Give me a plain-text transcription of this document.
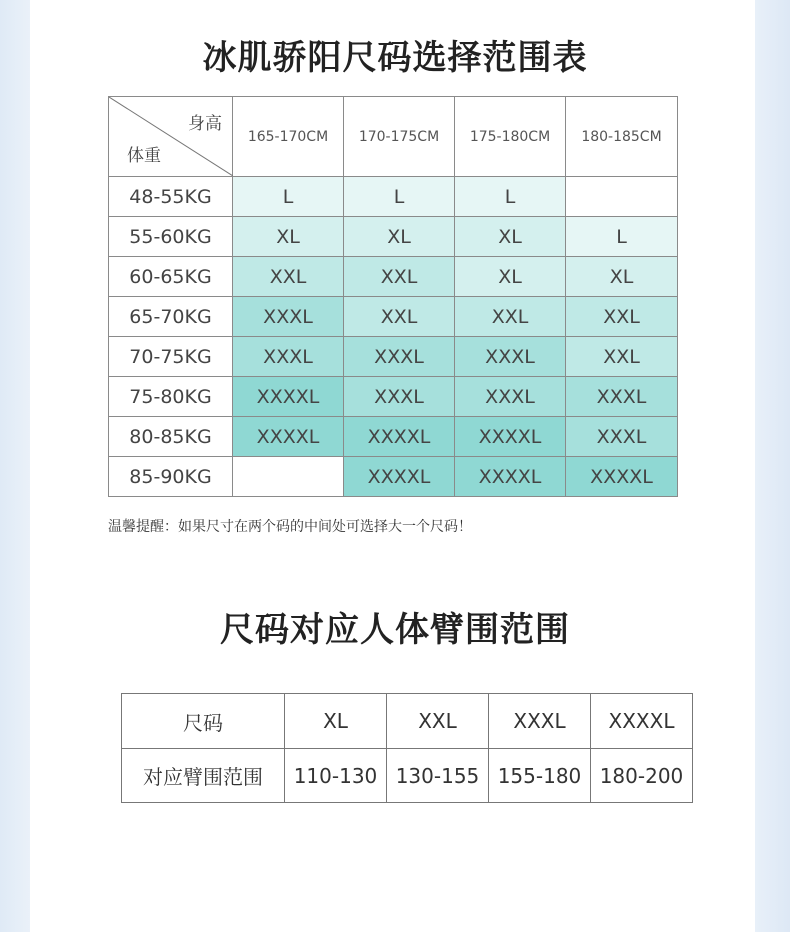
冰肌骄阳尺码选择范围表
身高
体重	165-170CM	170-175CM	175-180CM	180-185CM
48-55KG	L	L	L	
55-60KG	XL	XL	XL	L
60-65KG	XXL	XXL	XL	XL
65-70KG	XXXL	XXL	XXL	XXL
70-75KG	XXXL	XXXL	XXXL	XXL
75-80KG	XXXXL	XXXL	XXXL	XXXL
80-85KG	XXXXL	XXXXL	XXXXL	XXXL
85-90KG		XXXXL	XXXXL	XXXXL
温馨提醒：如果尺寸在两个码的中间处可选择大一个尺码！
尺码对应人体臂围范围
尺码	XL	XXL	XXXL	XXXXL
对应臂围范围	110-130	130-155	155-180	180-200
